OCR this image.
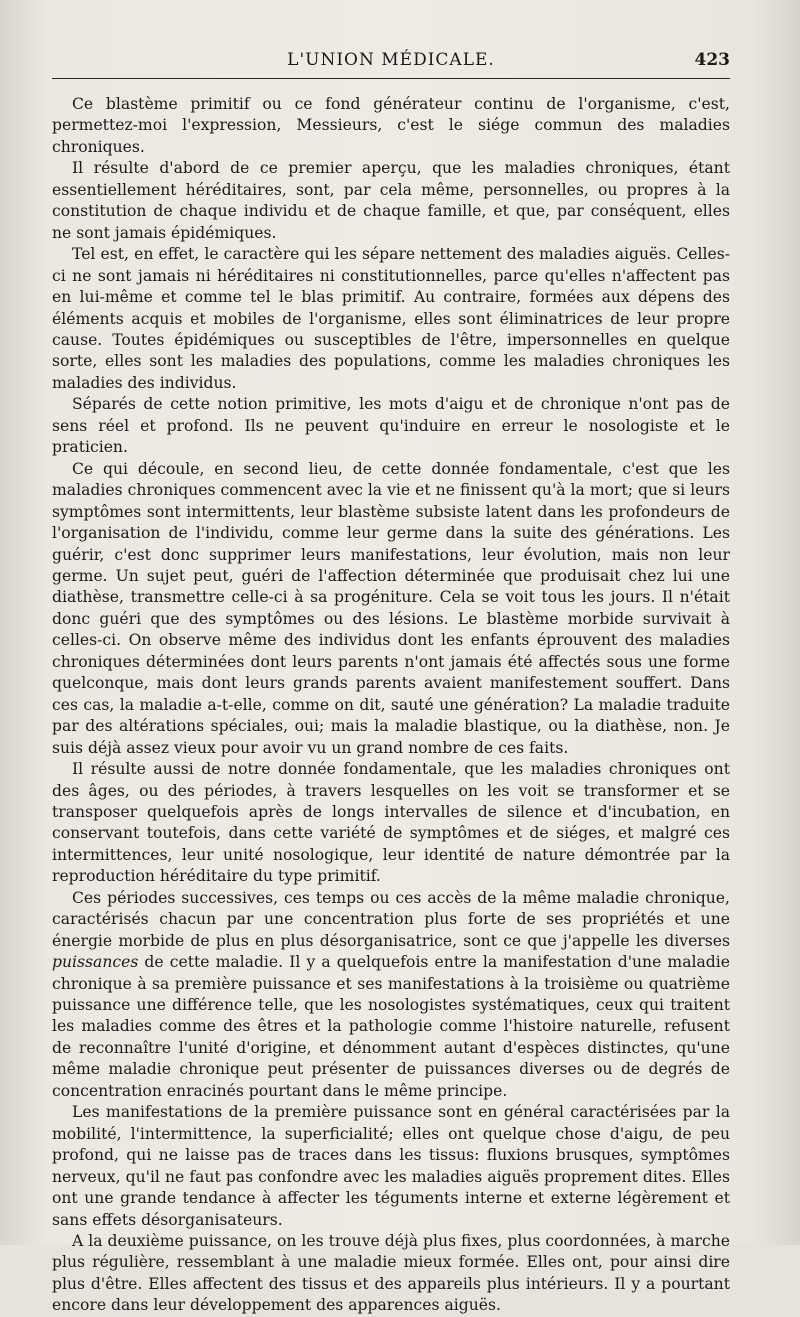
L'UNION MÉDICALE.	423

Ce blastème primitif ou ce fond générateur continu de l'organisme, c'est, permettez-moi l'expression, Messieurs, c'est le siége commun des maladies chroniques.

Il résulte d'abord de ce premier aperçu, que les maladies chroniques, étant essentiellement héréditaires, sont, par cela même, personnelles, ou propres à la constitution de chaque individu et de chaque famille, et que, par conséquent, elles ne sont jamais épidémiques.

Tel est, en effet, le caractère qui les sépare nettement des maladies aiguës. Celles-ci ne sont jamais ni héréditaires ni constitutionnelles, parce qu'elles n'affectent pas en lui-même et comme tel le blas primitif. Au contraire, formées aux dépens des éléments acquis et mobiles de l'organisme, elles sont éliminatrices de leur propre cause. Toutes épidémiques ou susceptibles de l'être, impersonnelles en quelque sorte, elles sont les maladies des populations, comme les maladies chroniques les maladies des individus.

Séparés de cette notion primitive, les mots d'aigu et de chronique n'ont pas de sens réel et profond. Ils ne peuvent qu'induire en erreur le nosologiste et le praticien.

Ce qui découle, en second lieu, de cette donnée fondamentale, c'est que les maladies chroniques commencent avec la vie et ne finissent qu'à la mort; que si leurs symptômes sont intermittents, leur blastème subsiste latent dans les profondeurs de l'organisation de l'individu, comme leur germe dans la suite des générations. Les guérir, c'est donc supprimer leurs manifestations, leur évolution, mais non leur germe. Un sujet peut, guéri de l'affection déterminée que produisait chez lui une diathèse, transmettre celle-ci à sa progéniture. Cela se voit tous les jours. Il n'était donc guéri que des symptômes ou des lésions. Le blastème morbide survivait à celles-ci. On observe même des individus dont les enfants éprouvent des maladies chroniques déterminées dont leurs parents n'ont jamais été affectés sous une forme quelconque, mais dont leurs grands parents avaient manifestement souffert. Dans ces cas, la maladie a-t-elle, comme on dit, sauté une génération? La maladie traduite par des altérations spéciales, oui; mais la maladie blastique, ou la diathèse, non. Je suis déjà assez vieux pour avoir vu un grand nombre de ces faits.

Il résulte aussi de notre donnée fondamentale, que les maladies chroniques ont des âges, ou des périodes, à travers lesquelles on les voit se transformer et se transposer quelquefois après de longs intervalles de silence et d'incubation, en conservant toutefois, dans cette variété de symptômes et de siéges, et malgré ces intermittences, leur unité nosologique, leur identité de nature démontrée par la reproduction héréditaire du type primitif.

Ces périodes successives, ces temps ou ces accès de la même maladie chronique, caractérisés chacun par une concentration plus forte de ses propriétés et une énergie morbide de plus en plus désorganisatrice, sont ce que j'appelle les diverses puissances de cette maladie. Il y a quelquefois entre la manifestation d'une maladie chronique à sa première puissance et ses manifestations à la troisième ou quatrième puissance une différence telle, que les nosologistes systématiques, ceux qui traitent les maladies comme des êtres et la pathologie comme l'histoire naturelle, refusent de reconnaître l'unité d'origine, et dénomment autant d'espèces distinctes, qu'une même maladie chronique peut présenter de puissances diverses ou de degrés de concentration enracinés pourtant dans le même principe.

Les manifestations de la première puissance sont en général caractérisées par la mobilité, l'intermittence, la superficialité; elles ont quelque chose d'aigu, de peu profond, qui ne laisse pas de traces dans les tissus: fluxions brusques, symptômes nerveux, qu'il ne faut pas confondre avec les maladies aiguës proprement dites. Elles ont une grande tendance à affecter les téguments interne et externe légèrement et sans effets désorganisateurs.

A la deuxième puissance, on les trouve déjà plus fixes, plus coordonnées, à marche plus régulière, ressemblant à une maladie mieux formée. Elles ont, pour ainsi dire plus d'être. Elles affectent des tissus et des appareils plus intérieurs. Il y a pourtant encore dans leur développement des apparences aiguës.
